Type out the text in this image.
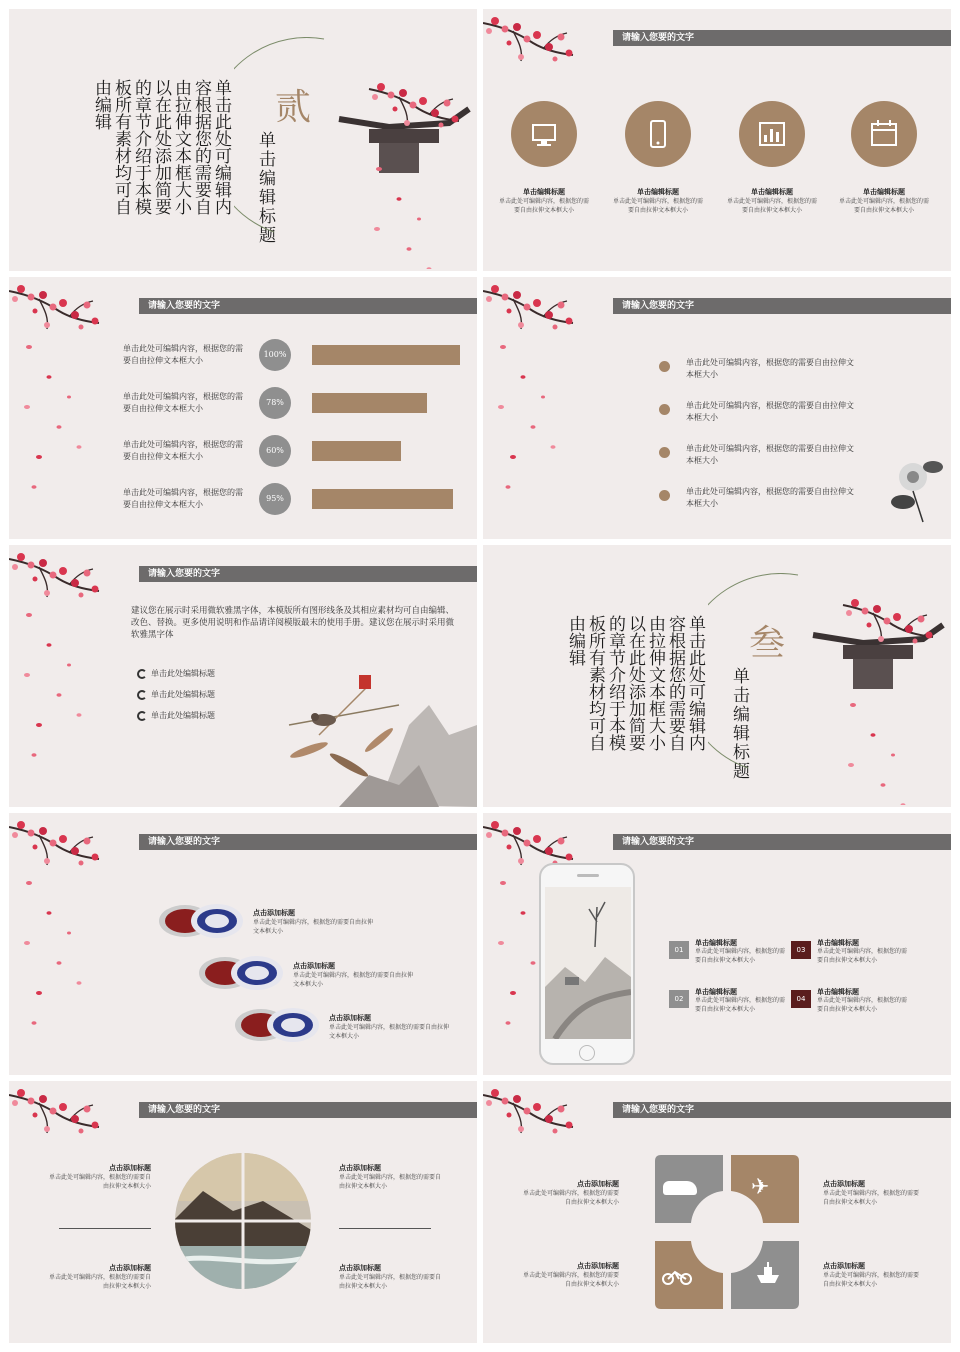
单击此处可编辑内容根据您的需要自由拉伸文本框大小以在此处添加简要的章节介绍于本模板所有素材均可自由编辑	贰
单击编辑标题
请输入您要的文字
单击编辑标题
单击此处可编辑内容，根据您的需要自由拉伸文本框大小
单击编辑标题
单击此处可编辑内容，根据您的需要自由拉伸文本框大小
单击编辑标题
单击此处可编辑内容，根据您的需要自由拉伸文本框大小
单击编辑标题
单击此处可编辑内容，根据您的需要自由拉伸文本框大小
请输入您要的文字
单击此处可编辑内容，根据您的需要自由拉伸文本框大小
100%
单击此处可编辑内容，根据您的需要自由拉伸文本框大小
78%
单击此处可编辑内容，根据您的需要自由拉伸文本框大小
60%
单击此处可编辑内容，根据您的需要自由拉伸文本框大小
95%
请输入您要的文字
单击此处可编辑内容，根据您的需要自由拉伸文本框大小
单击此处可编辑内容，根据您的需要自由拉伸文本框大小
单击此处可编辑内容，根据您的需要自由拉伸文本框大小
单击此处可编辑内容，根据您的需要自由拉伸文本框大小
请输入您要的文字
建议您在展示时采用微软雅黑字体，本模版所有图形线条及其相应素材均可自由编辑、改色、替换。更多使用说明和作品请详阅模版最末的使用手册。建议您在展示时采用微软雅黑字体
单击此处编辑标题
单击此处编辑标题
单击此处编辑标题	单击此处可编辑内容根据您的需要自由拉伸文本框大小以在此处添加简要的章节介绍于本模板所有素材均可自由编辑	叁
单击编辑标题
请输入您要的文字
点击添加标题
单击此处可编辑内容，根据您的需要自由拉伸文本框大小
点击添加标题
单击此处可编辑内容，根据您的需要自由拉伸文本框大小
点击添加标题
单击此处可编辑内容，根据您的需要自由拉伸文本框大小
请输入您要的文字
01
单击编辑标题
单击此处可编辑内容，根据您的需要自由拉伸文本框大小
03
单击编辑标题
单击此处可编辑内容，根据您的需要自由拉伸文本框大小
02
单击编辑标题
单击此处可编辑内容，根据您的需要自由拉伸文本框大小
04
单击编辑标题
单击此处可编辑内容，根据您的需要自由拉伸文本框大小
请输入您要的文字
点击添加标题
单击此处可编辑内容，根据您的需要自由拉伸文本框大小
点击添加标题
单击此处可编辑内容，根据您的需要自由拉伸文本框大小
点击添加标题
单击此处可编辑内容，根据您的需要自由拉伸文本框大小
点击添加标题
单击此处可编辑内容，根据您的需要自由拉伸文本框大小
请输入您要的文字
✈
点击添加标题
单击此处可编辑内容，根据您的需要自由拉伸文本框大小
点击添加标题
单击此处可编辑内容，根据您的需要自由拉伸文本框大小
点击添加标题
单击此处可编辑内容，根据您的需要自由拉伸文本框大小
点击添加标题
单击此处可编辑内容，根据您的需要自由拉伸文本框大小
